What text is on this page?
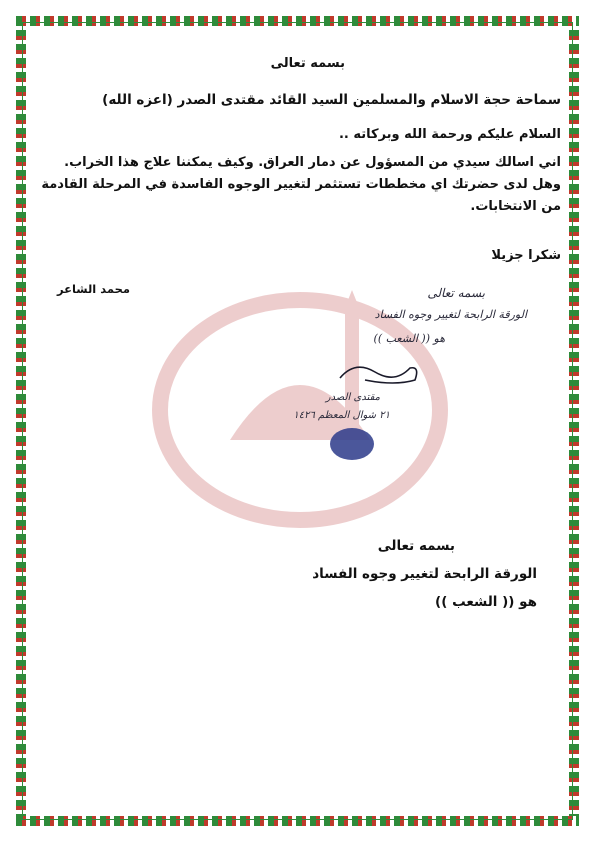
بسمه تعالى
سماحة حجة الاسلام والمسلمين السيد القائد مقتدى الصدر (اعزه الله)
السلام عليكم ورحمة الله وبركاته ..
اني اسالك سيدي من المسؤول عن دمار العراق. وكيف يمكننا علاج هذا الخراب. وهل لدى حضرتك اي مخططات تستثمر لتغيير الوجوه الفاسدة في المرحلة القادمة من الانتخابات.
شكرا جزيلا
محمد الشاعر	بسمه تعالى
الورقة الرابحة لتغيير وجوه الفساد
هو (( الشعب ))
مقتدى الصدر
٢١ شوال المعظم ١٤٢٦
بسمه تعالى
الورقة الرابحة لتغيير وجوه الفساد
هو (( الشعب ))
